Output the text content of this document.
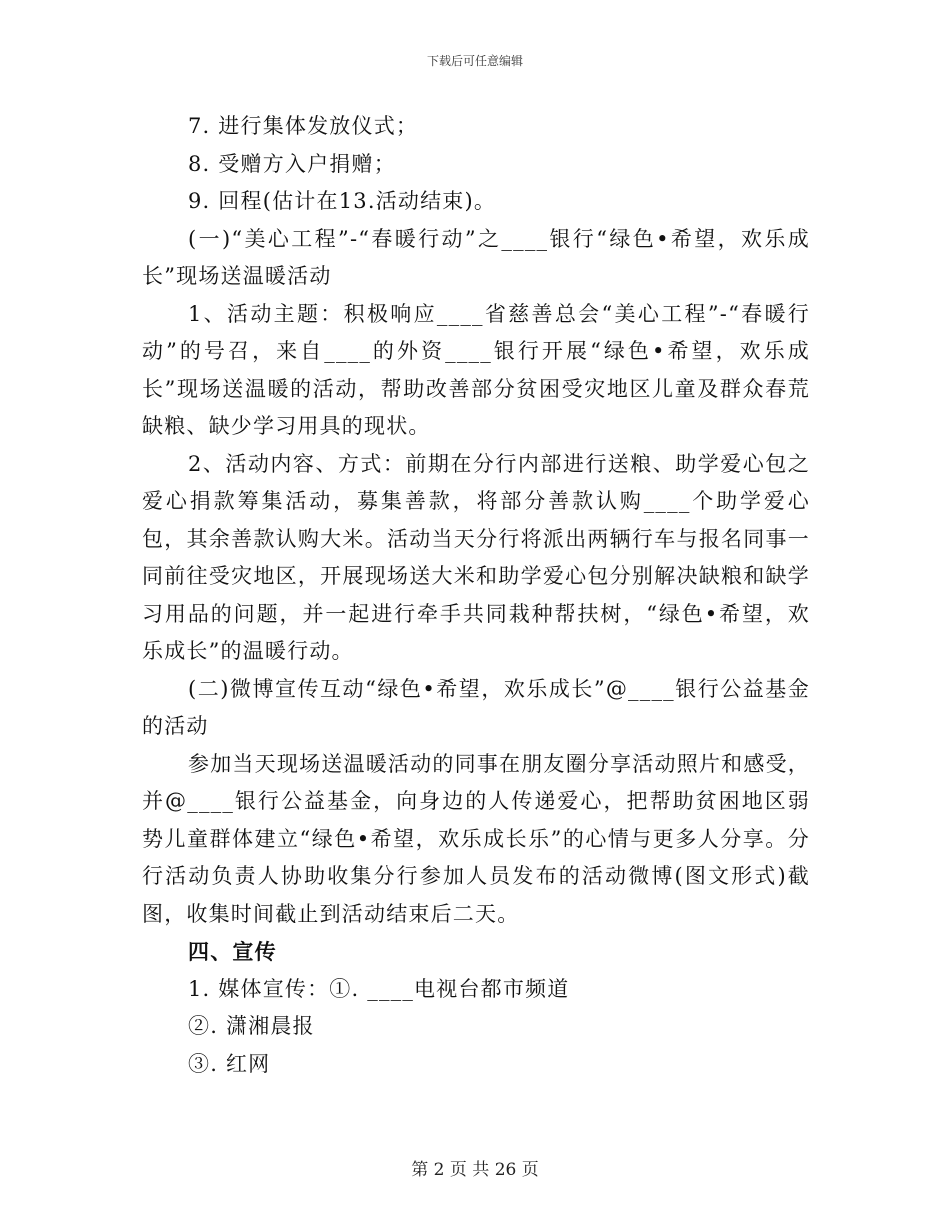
下载后可任意编辑

7. 进行集体发放仪式；

8. 受赠方入户捐赠；

9. 回程(估计在13.活动结束)。

(一)“美心工程”-“春暖行动”之____银行“绿色•希望，欢乐成长”现场送温暖活动

1、活动主题：积极响应____省慈善总会“美心工程”-“春暖行动”的号召，来自____的外资____银行开展“绿色•希望，欢乐成长”现场送温暖的活动，帮助改善部分贫困受灾地区儿童及群众春荒缺粮、缺少学习用具的现状。

2、活动内容、方式：前期在分行内部进行送粮、助学爱心包之爱心捐款筹集活动，募集善款，将部分善款认购____个助学爱心包，其余善款认购大米。活动当天分行将派出两辆行车与报名同事一同前往受灾地区，开展现场送大米和助学爱心包分别解决缺粮和缺学习用品的问题，并一起进行牵手共同栽种帮扶树，“绿色•希望，欢乐成长”的温暖行动。

(二)微博宣传互动“绿色•希望，欢乐成长”@____银行公益基金的活动

参加当天现场送温暖活动的同事在朋友圈分享活动照片和感受，并@____银行公益基金，向身边的人传递爱心，把帮助贫困地区弱势儿童群体建立“绿色•希望，欢乐成长乐”的心情与更多人分享。分行活动负责人协助收集分行参加人员发布的活动微博(图文形式)截图，收集时间截止到活动结束后二天。

四、宣传

1. 媒体宣传：①. ____电视台都市频道

②. 潇湘晨报

③. 红网

第 2 页 共 26 页
